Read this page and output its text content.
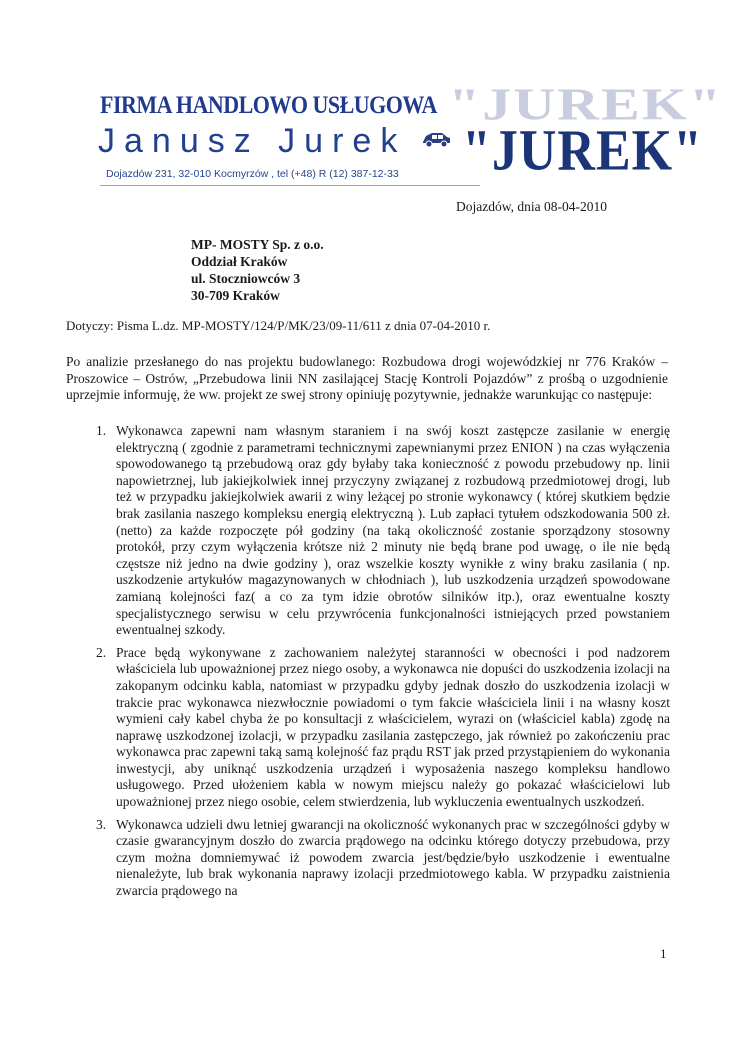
FIRMA HANDLOWO USŁUGOWA "JUREK"
Janusz Jurek "JUREK"
Dojazdów 231, 32-010 Kocmyrzów , tel (+48) R (12) 387-12-33
Dojazdów, dnia 08-04-2010
MP- MOSTY Sp. z o.o.
Oddział Kraków
ul. Stoczniowców 3
30-709 Kraków
Dotyczy: Pisma L.dz. MP-MOSTY/124/P/MK/23/09-11/611 z dnia 07-04-2010 r.

Po analizie przesłanego do nas projektu budowlanego: Rozbudowa drogi wojewódzkiej nr 776 Kraków – Proszowice – Ostrów, „Przebudowa linii NN zasilającej Stację Kontroli Pojazdów” z prośbą o uzgodnienie uprzejmie informuję, że ww. projekt ze swej strony opiniuję pozytywnie, jednakże warunkując co następuje:

1. Wykonawca zapewni nam własnym staraniem i na swój koszt zastępcze zasilanie w energię elektryczną ( zgodnie z parametrami technicznymi zapewnianymi przez ENION ) na czas wyłączenia spowodowanego tą przebudową oraz gdy byłaby taka konieczność z powodu przebudowy np. linii napowietrznej, lub jakiejkolwiek innej przyczyny związanej z rozbudową przedmiotowej drogi, lub też w przypadku jakiejkolwiek awarii z winy leżącej po stronie wykonawcy ( której skutkiem będzie brak zasilania naszego kompleksu energią elektryczną ). Lub zapłaci tytułem odszkodowania 500 zł.(netto) za każde rozpoczęte pół godziny (na taką okoliczność zostanie sporządzony stosowny protokół, przy czym wyłączenia krótsze niż 2 minuty nie będą brane pod uwagę, o ile nie będą częstsze niż jedno na dwie godziny ), oraz wszelkie koszty wynikłe z winy braku zasilania ( np. uszkodzenie artykułów magazynowanych w chłodniach ), lub uszkodzenia urządzeń spowodowane zamianą kolejności faz( a co za tym idzie obrotów silników itp.), oraz ewentualne koszty specjalistycznego serwisu w celu przywrócenia funkcjonalności istniejących przed powstaniem ewentualnej szkody.
2. Prace będą wykonywane z zachowaniem należytej staranności w obecności i pod nadzorem właściciela lub upoważnionej przez niego osoby, a wykonawca nie dopuści do uszkodzenia izolacji na zakopanym odcinku kabla, natomiast w przypadku gdyby jednak doszło do uszkodzenia izolacji w trakcie prac wykonawca niezwłocznie powiadomi o tym fakcie właściciela linii i na własny koszt wymieni cały kabel chyba że po konsultacji z właścicielem, wyrazi on (właściciel kabla) zgodę na naprawę uszkodzonej izolacji, w przypadku zasilania zastępczego, jak również po zakończeniu prac wykonawca prac zapewni taką samą kolejność faz prądu RST jak przed przystąpieniem do wykonania inwestycji, aby uniknąć uszkodzenia urządzeń i wyposażenia naszego kompleksu handlowo usługowego. Przed ułożeniem kabla w nowym miejscu należy go pokazać właścicielowi lub upoważnionej przez niego osobie, celem stwierdzenia, lub wykluczenia ewentualnych uszkodzeń.
3. Wykonawca udzieli dwu letniej gwarancji na okoliczność wykonanych prac w szczególności gdyby w czasie gwarancyjnym doszło do zwarcia prądowego na odcinku którego dotyczy przebudowa, przy czym można domniemywać iż powodem zwarcia jest/będzie/było uszkodzenie i ewentualne nienależyte, lub brak wykonania naprawy izolacji przedmiotowego kabla. W przypadku zaistnienia zwarcia prądowego na
1
